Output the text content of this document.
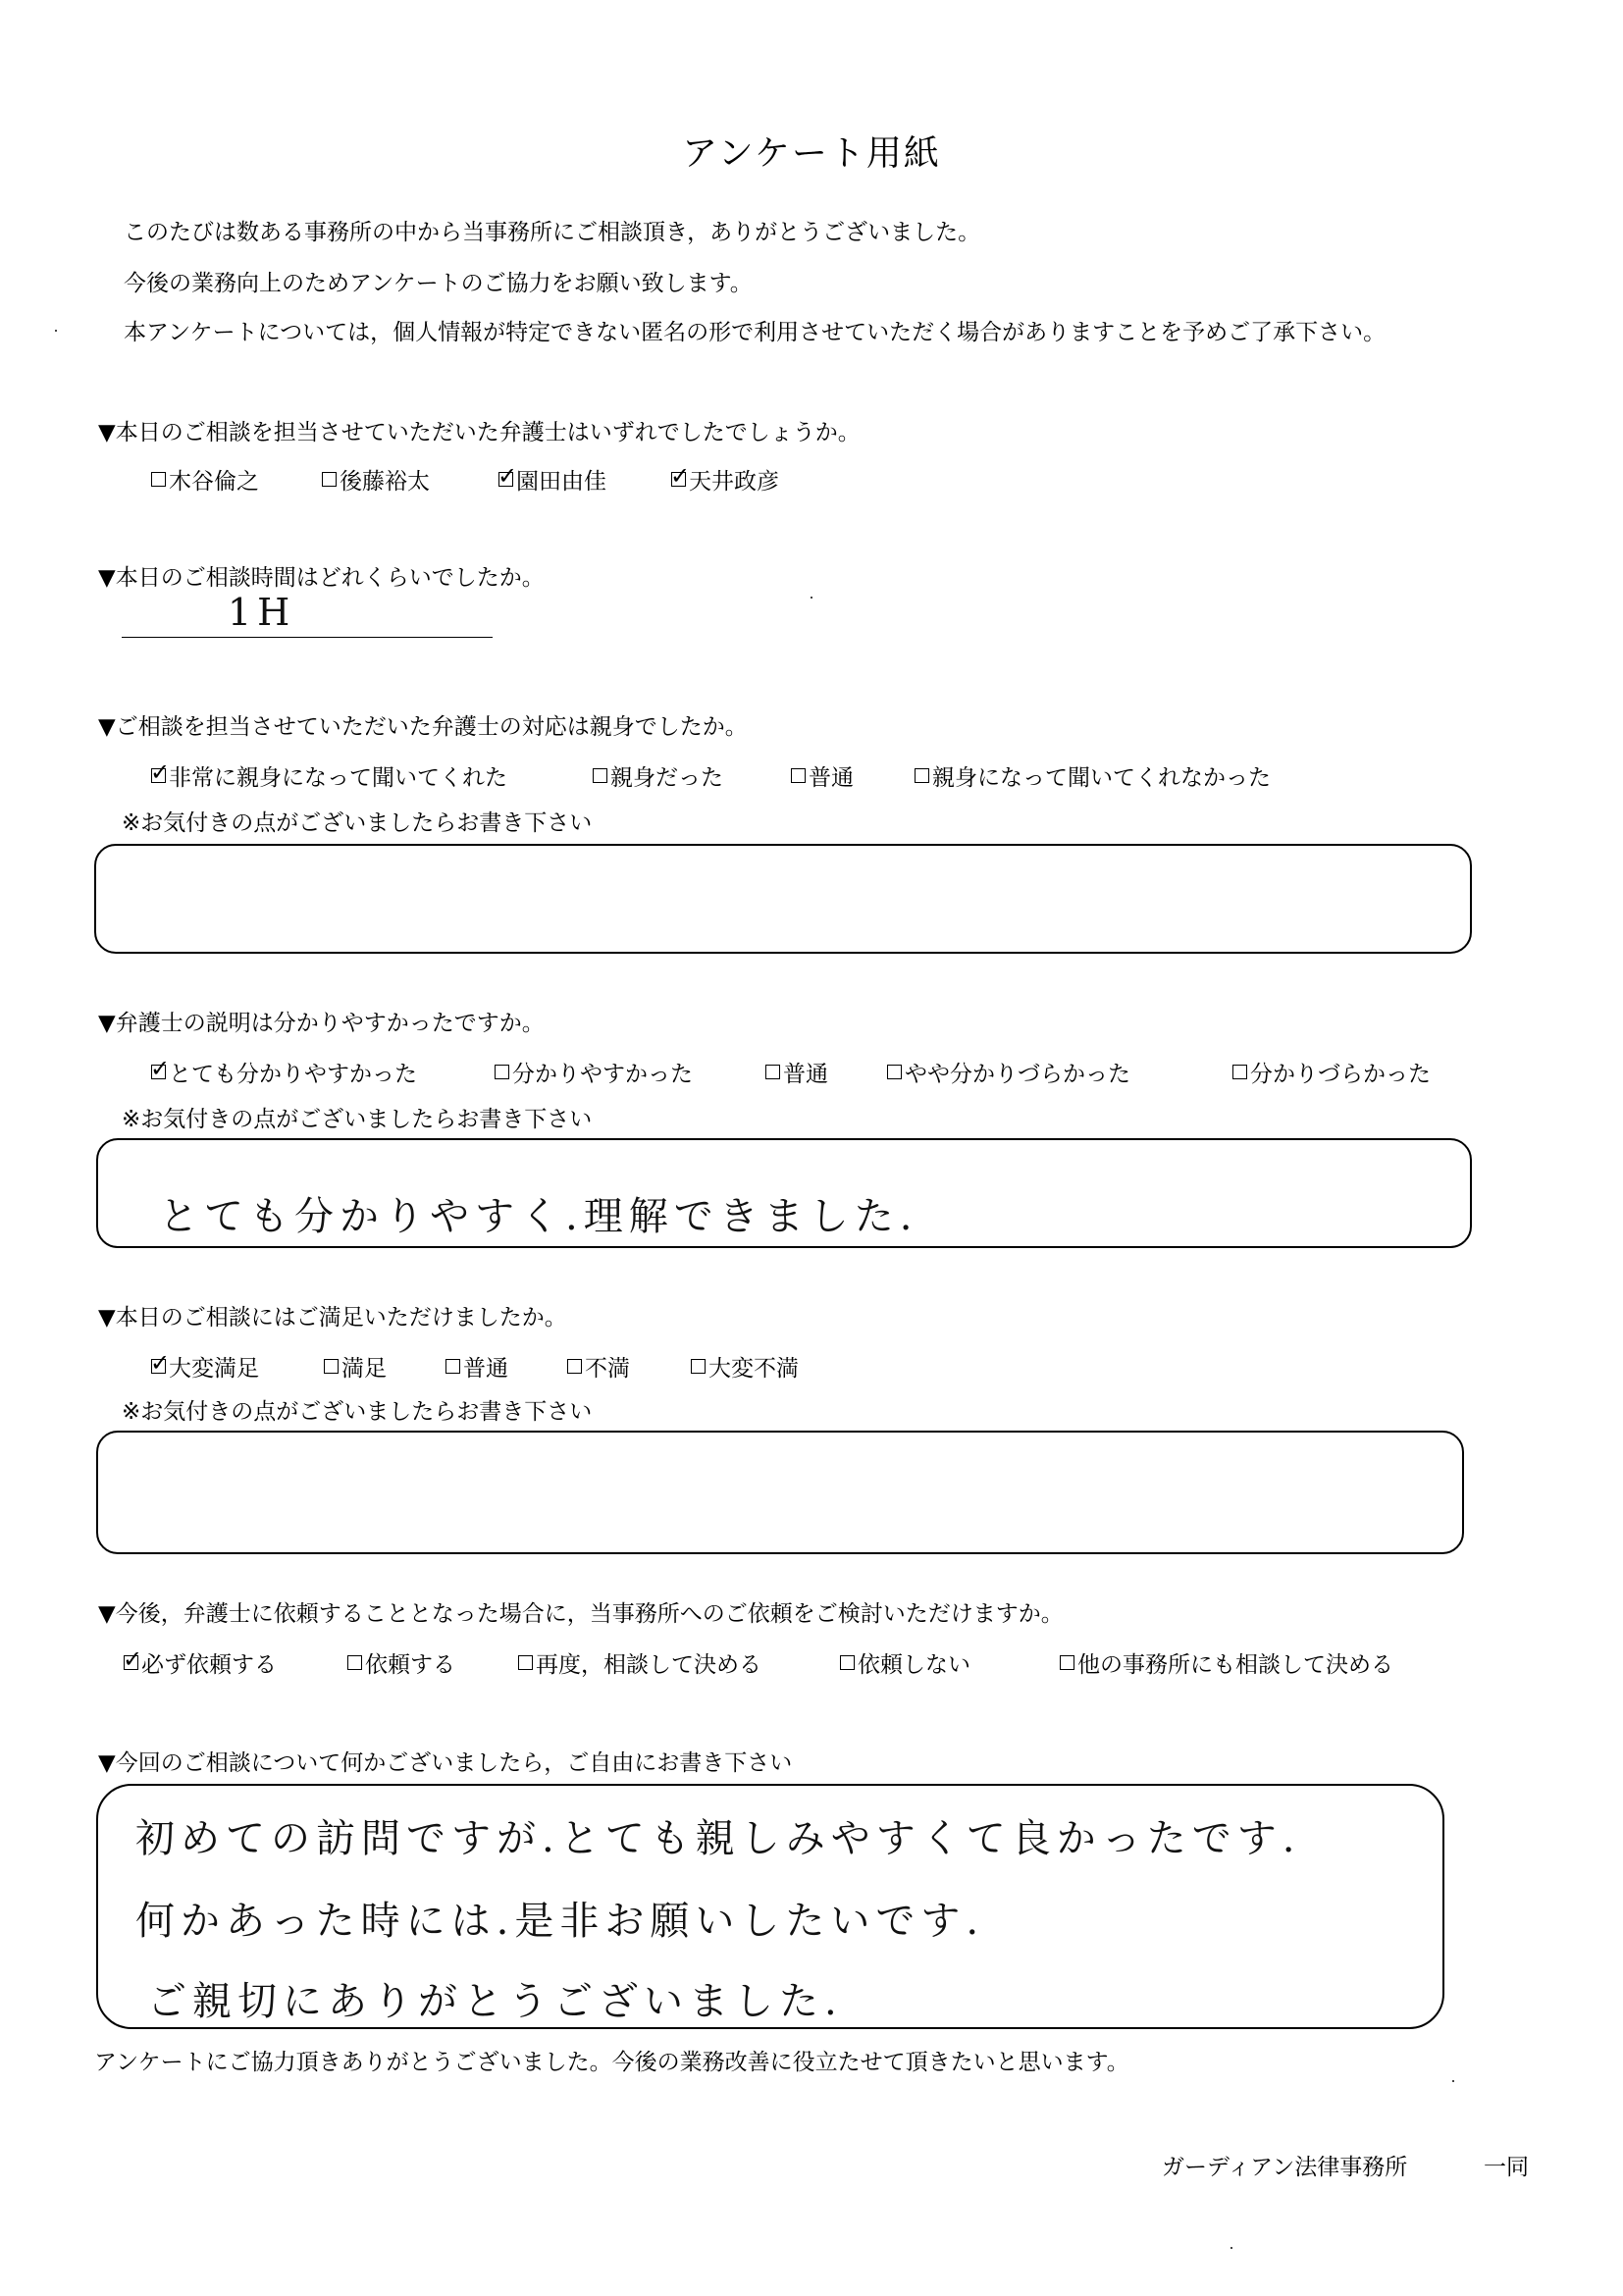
アンケート用紙
このたびは数ある事務所の中から当事務所にご相談頂き，ありがとうございました。
今後の業務向上のためアンケートのご協力をお願い致します。
本アンケートについては，個人情報が特定できない匿名の形で利用させていただく場合がありますことを予めご了承下さい。
▼本日のご相談を担当させていただいた弁護士はいずれでしたでしょうか。
木谷倫之	後藤裕太	✓
園田由佳	✓
天井政彦
▼本日のご相談時間はどれくらいでしたか。
1H
▼ご相談を担当させていただいた弁護士の対応は親身でしたか。
✓
非常に親身になって聞いてくれた	親身だった	普通	親身になって聞いてくれなかった
※お気付きの点がございましたらお書き下さい
▼弁護士の説明は分かりやすかったですか。
✓
とても分かりやすかった	分かりやすかった	普通	やや分かりづらかった	分かりづらかった
※お気付きの点がございましたらお書き下さい
とても分かりやすく.理解できました.
▼本日のご相談にはご満足いただけましたか。
✓
大変満足	満足	普通	不満	大変不満
※お気付きの点がございましたらお書き下さい
▼今後，弁護士に依頼することとなった場合に，当事務所へのご依頼をご検討いただけますか。
✓
必ず依頼する	依頼する	再度，相談して決める	依頼しない	他の事務所にも相談して決める
▼今回のご相談について何かございましたら，ご自由にお書き下さい
初めての訪問ですが.とても親しみやすくて良かったです.
何かあった時には.是非お願いしたいです.
ご親切にありがとうございました.
アンケートにご協力頂きありがとうございました。今後の業務改善に役立たせて頂きたいと思います。
ガーディアン法律事務所	一同
